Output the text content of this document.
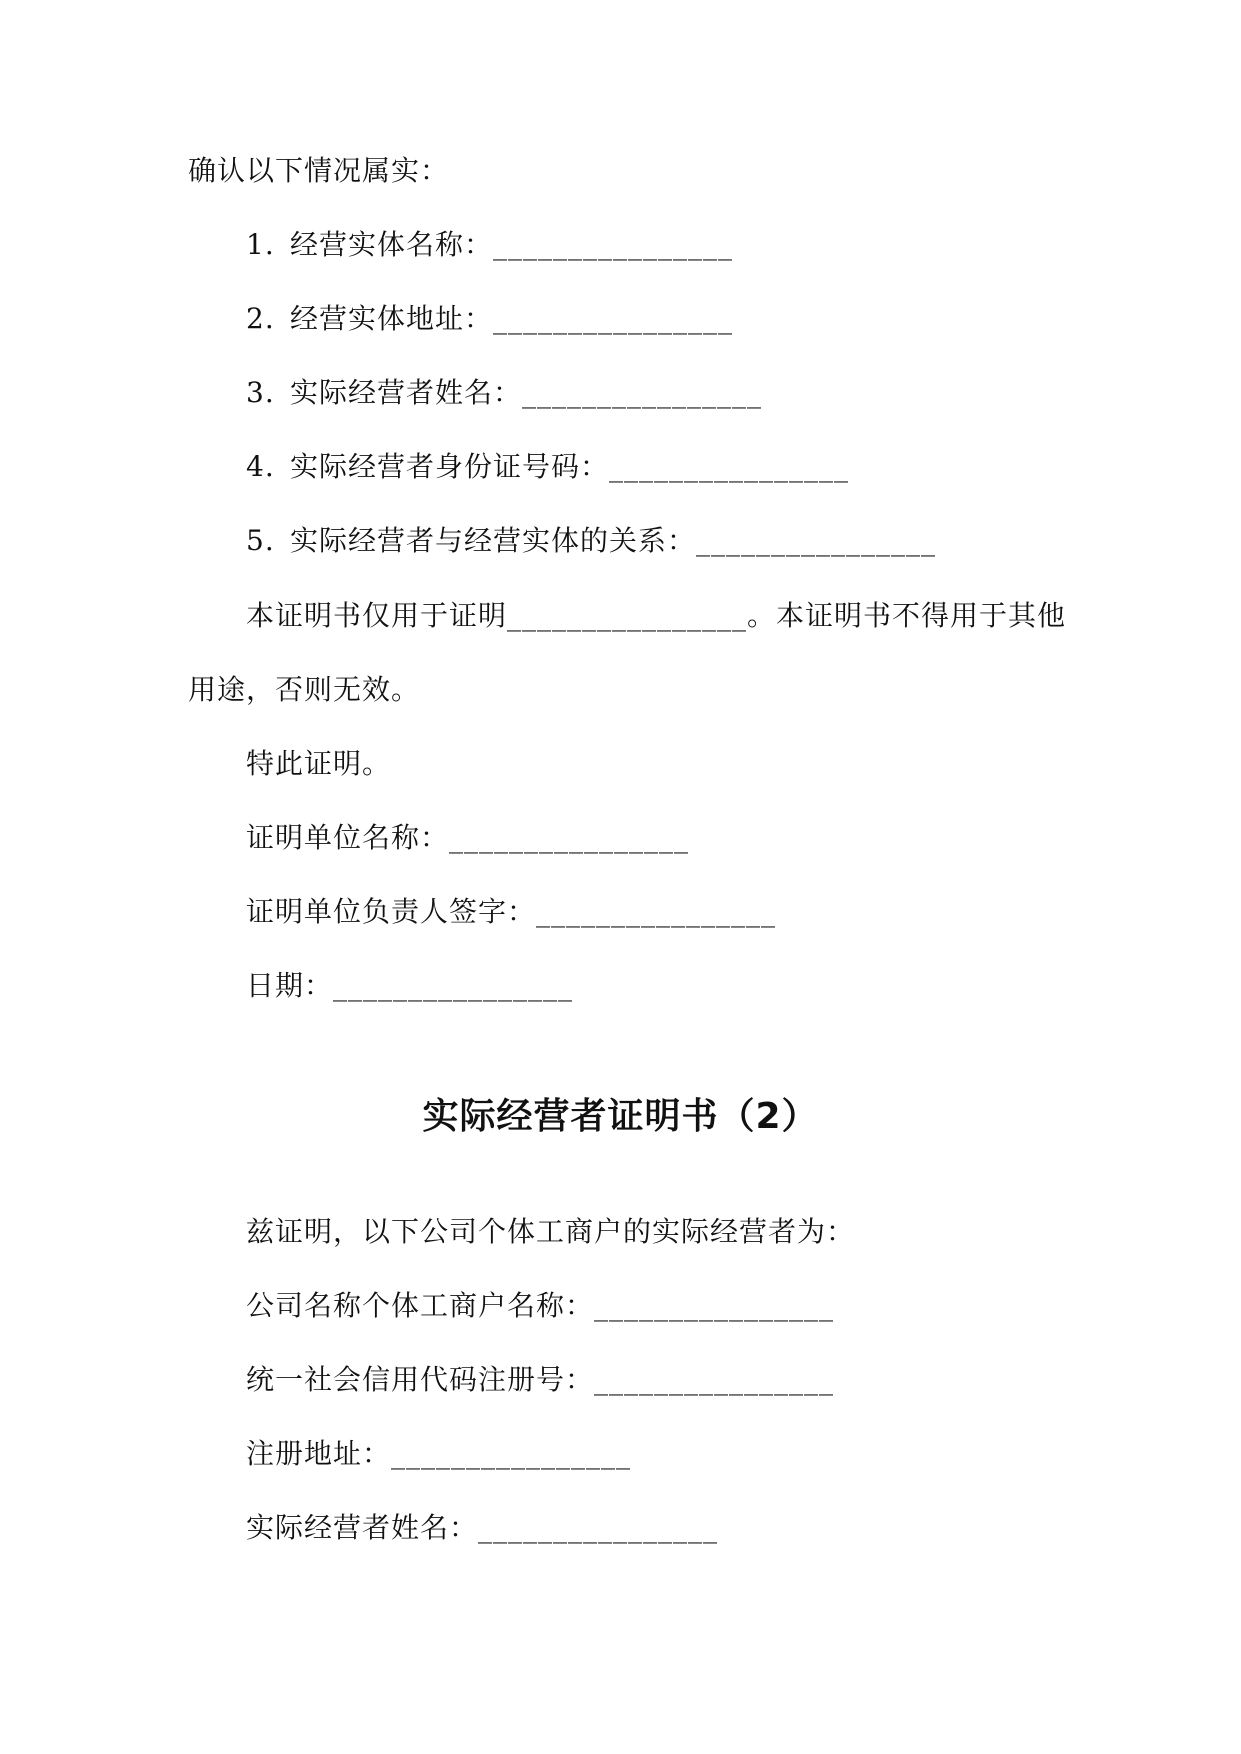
确认以下情况属实：
1. 经营实体名称：________________
2. 经营实体地址：________________
3. 实际经营者姓名：________________
4. 实际经营者身份证号码：________________
5. 实际经营者与经营实体的关系：________________
本证明书仅用于证明________________。本证明书不得用于其他
用途，否则无效。
特此证明。
证明单位名称：________________
证明单位负责人签字：________________
日期：________________
实际经营者证明书（2）
兹证明，以下公司个体工商户的实际经营者为：
公司名称个体工商户名称：________________
统一社会信用代码注册号：________________
注册地址：________________
实际经营者姓名：________________
